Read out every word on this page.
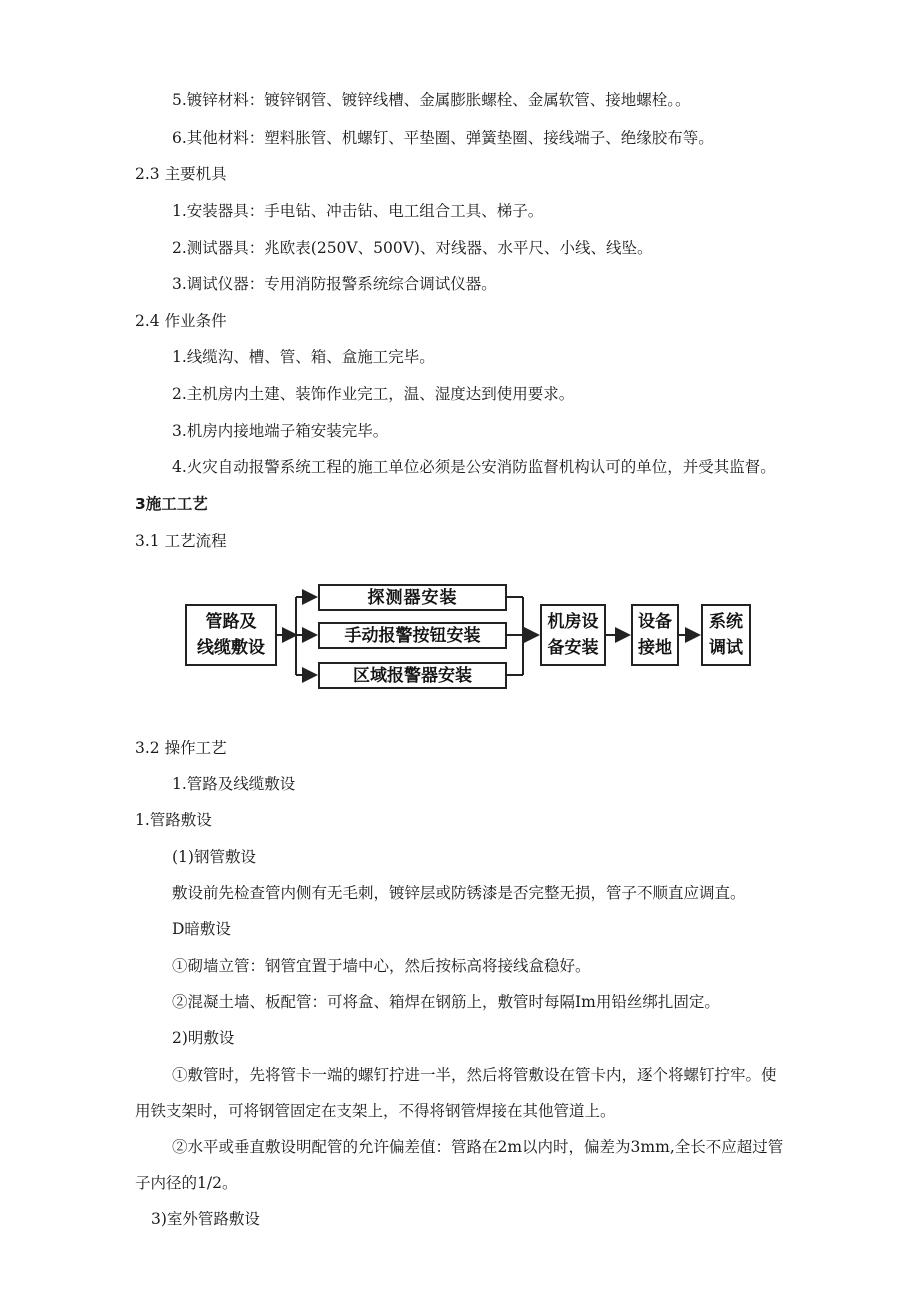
5.镀锌材料：镀锌钢管、镀锌线槽、金属膨胀螺栓、金属软管、接地螺栓。。
6.其他材料：塑料胀管、机螺钉、平垫圈、弹簧垫圈、接线端子、绝缘胶布等。
2.3 主要机具
1.安装器具：手电钻、冲击钻、电工组合工具、梯子。
2.测试器具：兆欧表(250V、500V)、对线器、水平尺、小线、线坠。
3.调试仪器：专用消防报警系统综合调试仪器。
2.4 作业条件
1.线缆沟、槽、管、箱、盒施工完毕。
2.主机房内土建、装饰作业完工，温、湿度达到使用要求。
3.机房内接地端子箱安装完毕。
4.火灾自动报警系统工程的施工单位必须是公安消防监督机构认可的单位，并受其监督。
3施工工艺
3.1 工艺流程
管路及
线缆敷设
探测器安装
手动报警按钮安装
区域报警器安装
机房设
备安装
设备
接地
系统
调试
3.2 操作工艺
1.管路及线缆敷设
1.管路敷设
(1)钢管敷设
敷设前先检查管内侧有无毛刺，镀锌层或防锈漆是否完整无损，管子不顺直应调直。
D暗敷设
①砌墙立管：钢管宜置于墙中心，然后按标高将接线盒稳好。
②混凝土墙、板配管：可将盒、箱焊在钢筋上，敷管时每隔Im用铅丝绑扎固定。
2)明敷设
①敷管时，先将管卡一端的螺钉拧进一半，然后将管敷设在管卡内，逐个将螺钉拧牢。使
用铁支架时，可将钢管固定在支架上，不得将钢管焊接在其他管道上。
②水平或垂直敷设明配管的允许偏差值：管路在2m以内时，偏差为3mm,全长不应超过管
子内径的1/2。
3)室外管路敷设
